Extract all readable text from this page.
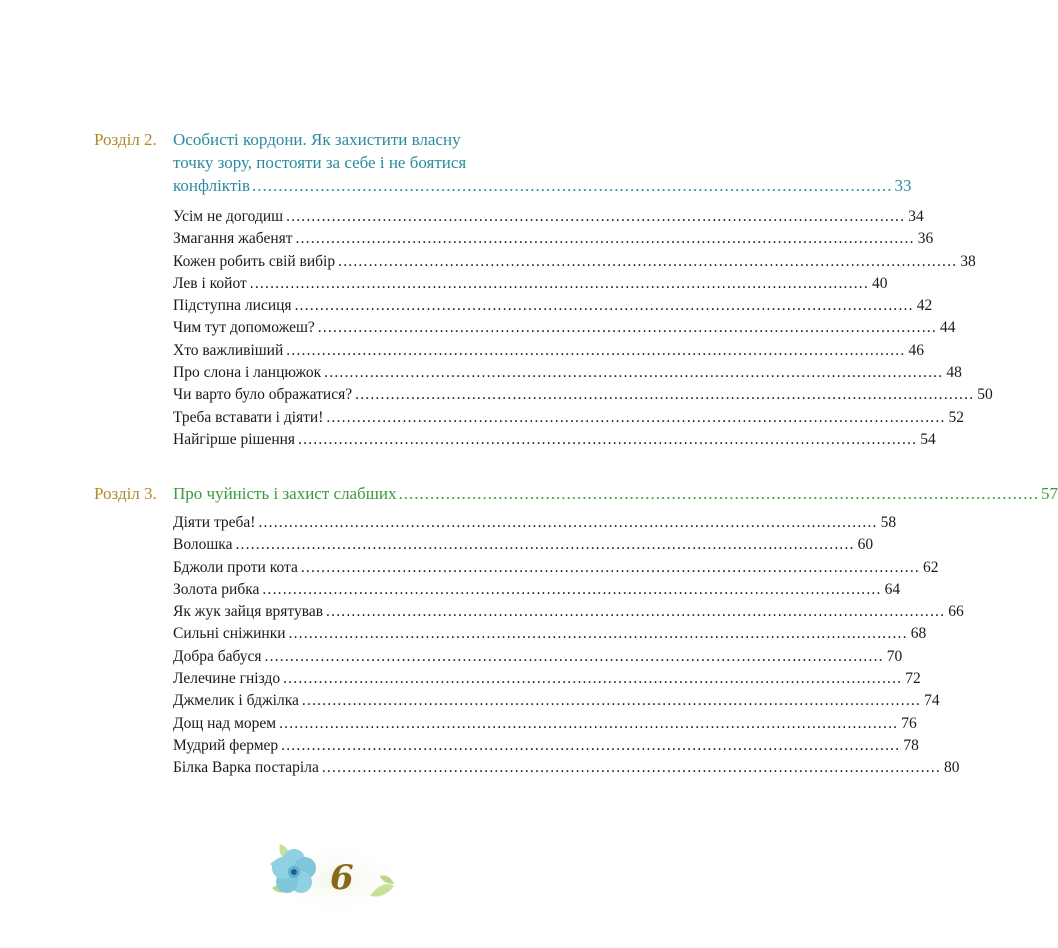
Розділ 2. Особисті кордони. Як захистити власну
точку зору, постояти за себе і не боятися
конфліктів .......................................................................................................................... 33
Усім не догодиш .......................................................................................................................... 34
Змагання жабенят .......................................................................................................................... 36
Кожен робить свій вибір .......................................................................................................................... 38
Лев і койот .......................................................................................................................... 40
Підступна лисиця .......................................................................................................................... 42
Чим тут допоможеш? .......................................................................................................................... 44
Хто важливіший .......................................................................................................................... 46
Про слона і ланцюжок .......................................................................................................................... 48
Чи варто було ображатися? .......................................................................................................................... 50
Треба вставати і діяти! .......................................................................................................................... 52
Найгірше рішення .......................................................................................................................... 54
Розділ 3. Про чуйність і захист слабших .......................................................................................................................... 57
Діяти треба! .......................................................................................................................... 58
Волошка .......................................................................................................................... 60
Бджоли проти кота .......................................................................................................................... 62
Золота рибка .......................................................................................................................... 64
Як жук зайця врятував .......................................................................................................................... 66
Сильні сніжинки .......................................................................................................................... 68
Добра бабуся .......................................................................................................................... 70
Лелечине гніздо .......................................................................................................................... 72
Джмелик і бджілка .......................................................................................................................... 74
Дощ над морем .......................................................................................................................... 76
Мудрий фермер .......................................................................................................................... 78
Білка Варка постаріла .......................................................................................................................... 80
6
